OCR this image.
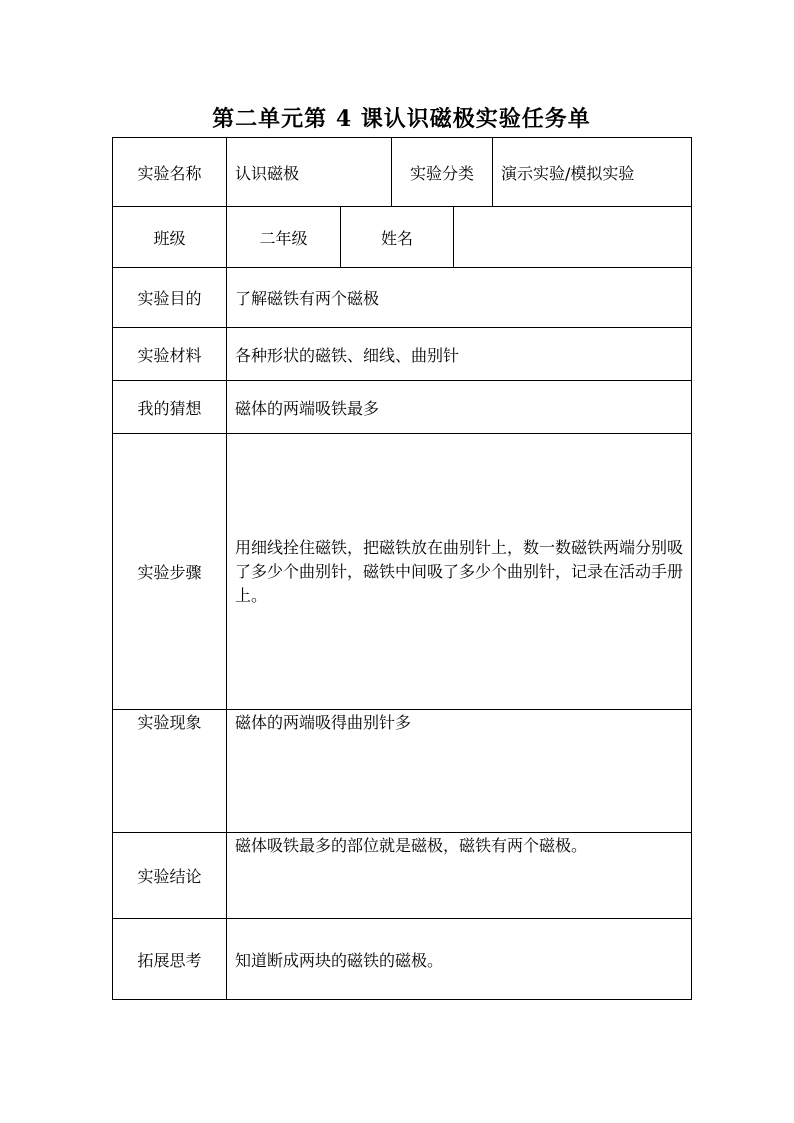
第二单元第 4 课认识磁极实验任务单
实验名称	认识磁极		实验分类		演示实验/模拟实验
班级	二年级	姓名			
实验目的	了解磁铁有两个磁极				
实验材料	各种形状的磁铁、细线、曲别针				
我的猜想	磁体的两端吸铁最多				
实验步骤	用细线拴住磁铁，把磁铁放在曲别针上，数一数磁铁两端分别吸了多少个曲别针，磁铁中间吸了多少个曲别针，记录在活动手册上。				
实验现象	磁体的两端吸得曲别针多				
实验结论	磁体吸铁最多的部位就是磁极，磁铁有两个磁极。				
拓展思考	知道断成两块的磁铁的磁极。				
